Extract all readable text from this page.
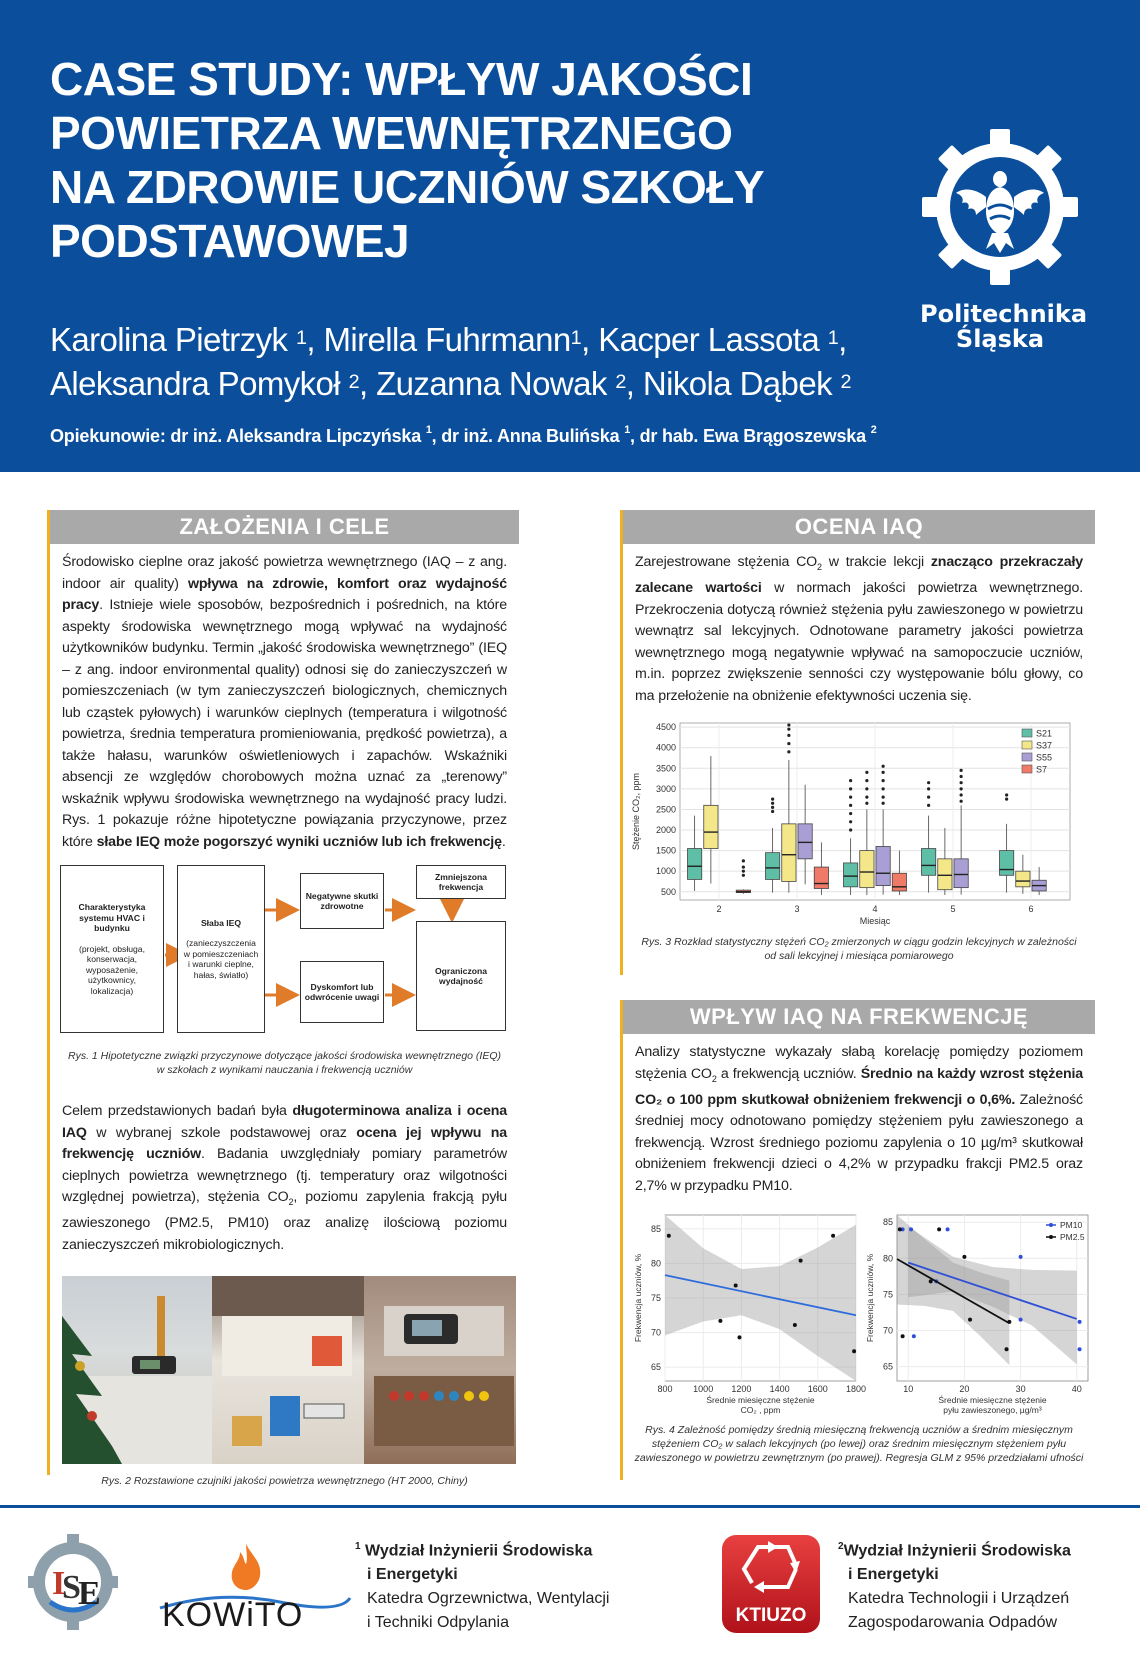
CASE STUDY: WPŁYW JAKOŚCI
POWIETRZA WEWNĘTRZNEGO
NA ZDROWIE UCZNIÓW SZKOŁY
PODSTAWOWEJ
Karolina Pietrzyk $^1$, Mirella Fuhrmann$^1$, Kacper Lassota $^1$,
Aleksandra Pomykoł $^2$, Zuzanna Nowak $^2$, Nikola Dąbek $^2$
Opiekunowie: dr inż. Aleksandra Lipczyńska $^1$, dr inż. Anna Bulińska $^1$, dr hab. Ewa Brągoszewska $^2$
Politechnika
Śląska
ZAŁOŻENIA I CELE

Środowisko cieplne oraz jakość powietrza wewnętrznego (IAQ – z ang. indoor air quality) wpływa na zdrowie, komfort oraz wydajność pracy. Istnieje wiele sposobów, bezpośrednich i pośrednich, na które aspekty środowiska wewnętrznego mogą wpływać na wydajność użytkowników budynku. Termin „jakość środowiska wewnętrznego” (IEQ – z ang. indoor environmental quality) odnosi się do zanieczyszczeń w pomieszczeniach (w tym zanieczyszczeń biologicznych, chemicznych lub cząstek pyłowych) i warunków cieplnych (temperatura i wilgotność powietrza, średnia temperatura promieniowania, prędkość powietrza), a także hałasu, warunków oświetleniowych i zapachów. Wskaźniki absencji ze względów chorobowych można uznać za „terenowy” wskaźnik wpływu środowiska wewnętrznego na wydajność pracy ludzi. Rys. 1 pokazuje różne hipotetyczne powiązania przyczynowe, przez które słabe IEQ może pogorszyć wyniki uczniów lub ich frekwencję.

Charakterystyka
systemu HVAC i
budynku
(projekt, obsługa,
konserwacja,
wyposażenie,
użytkownicy,
lokalizacja)
Słaba IEQ
(zanieczyszczenia
w pomieszczeniach
i warunki cieplne,
hałas, światło)
Negatywne skutki
zdrowotne
Dyskomfort lub
odwrócenie uwagi
Zmniejszona
frekwencja
Ograniczona
wydajność
Rys. 1 Hipotetyczne związki przyczynowe dotyczące jakości środowiska wewnętrznego (IEQ)
w szkołach z wynikami nauczania i frekwencją uczniów

Celem przedstawionych badań była długoterminowa analiza i ocena IAQ w wybranej szkole podstawowej oraz ocena jej wpływu na frekwencję uczniów. Badania uwzględniały pomiary parametrów cieplnych powietrza wewnętrznego (tj. temperatury oraz wilgotności względnej powietrza), stężenia $CO_2$, poziomu zapylenia frakcją pyłu zawieszonego (PM2.5, PM10) oraz analizę ilościową poziomu zanieczyszczeń mikrobiologicznych.

Rys. 2 Rozstawione czujniki jakości powietrza wewnętrznego (HT 2000, Chiny)
OCENA IAQ

Zarejestrowane stężenia $CO_2$ w trakcie lekcji znacząco przekraczały zalecane wartości w normach jakości powietrza wewnętrznego. Przekroczenia dotyczą również stężenia pyłu zawieszonego w powietrzu wewnątrz sal lekcyjnych. Odnotowane parametry jakości powietrza wewnętrznego mogą negatywnie wpływać na samopoczucie uczniów, m.in. poprzez zwiększenie senności czy występowanie bólu głowy, co ma przełożenie na obniżenie efektywności uczenia się.

500
1000
1500
2000
2500
3000
3500
4000
4500
2	3	4	5	6
Miesiąc
Stężenie CO₂, ppm
S21
S37
S55
S7
Rys. 3 Rozkład statystyczny stężeń CO₂ zmierzonych w ciągu godzin lekcyjnych w zależności
od sali lekcyjnej i miesiąca pomiarowego
WPŁYW IAQ NA FREKWENCJĘ

Analizy statystyczne wykazały słabą korelację pomiędzy poziomem stężenia $CO_2$ a frekwencją uczniów. Średnio na każdy wzrost stężenia CO₂ o 100 ppm skutkował obniżeniem frekwencji o 0,6%. Zależność średniej mocy odnotowano pomiędzy stężeniem pyłu zawieszonego a frekwencją. Wzrost średniego poziomu zapylenia o 10 µg/m³ skutkował obniżeniem frekwencji dzieci o 4,2% w przypadku frakcji PM2.5 oraz 2,7% w przypadku PM10.

65
70
75
80
85
800 1000 1200 1400 1600 1800
Średnie miesięczne stężenie
CO₂ , ppm
Frekwencja uczniów, %
65
70
75
80
85
10	20	30	40
Średnie miesięczne stężenie
pyłu zawieszonego, µg/m³
Frekwencja uczniów, %
PM10
PM2.5
Rys. 4 Zależność pomiędzy średnią miesięczną frekwencją uczniów a średnim miesięcznym
stężeniem CO₂ w salach lekcyjnych (po lewej) oraz średnim miesięcznym stężeniem pyłu
zawieszonego w powietrzu zewnętrznym (po prawej). Regresja GLM z 95% przedziałami ufności
I
S
E
KOWiTO
$^1$ Wydział Inżynierii Środowiska
i Energetyki
Katedra Ogrzewnictwa, Wentylacji
i Techniki Odpylania	KTIUZO
$^2$Wydział Inżynierii Środowiska
i Energetyki
Katedra Technologii i Urządzeń
Zagospodarowania Odpadów
